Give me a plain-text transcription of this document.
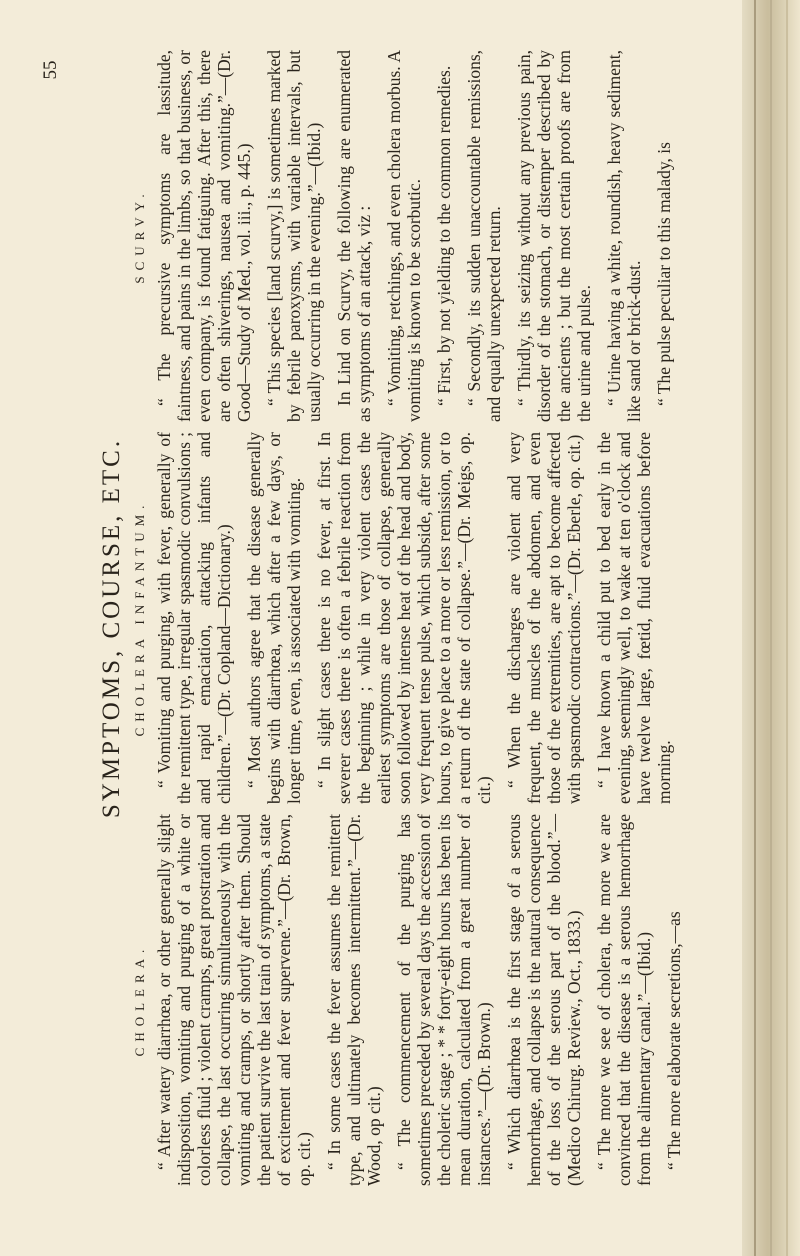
55
SYMPTOMS, COURSE, ETC.
CHOLERA. “ After watery diarrhœa, or other generally slight indisposition, vomiting and purging of a white or colorless fluid ; violent cramps, great prostration and collapse, the last occurring simultaneously with the vomiting and cramps, or shortly after them. Should the patient survive the last train of symptoms, a state of excitement and fever supervene.”—(Dr. Brown, op. cit.) “ In some cases the fever assumes the remittent type, and ultimately becomes intermittent.”—(Dr. Wood, op cit.) “ The commencement of the purging has sometimes preceded by several days the accession of the choleric stage ; * * forty-eight hours has been its mean duration, calculated from a great number of instances.”—(Dr. Brown.) “ Which diarrhœa is the first stage of a serous hemorrhage, and collapse is the natural consequence of the loss of the serous part of the blood.”—(Medico Chirurg. Review., Oct., 1833.) “ The more we see of cholera, the more we are convinced that the disease is a serous hemorrhage from the alimentary canal.”—(Ibid.) “ The more elaborate secretions,—as

CHOLERA INFANTUM. “ Vomiting and purging, with fever, generally of the remittent type, irregular spasmodic convulsions ; and rapid emaciation, attacking infants and children.”—(Dr. Copland—Dictionary.) “ Most authors agree that the disease generally begins with diarrhœa, which after a few days, or longer time, even, is associated with vomiting. “ In slight cases there is no fever, at first. In severer cases there is often a febrile reaction from the beginning ; while in very violent cases the earliest symptoms are those of collapse, generally soon followed by intense heat of the head and body, very frequent tense pulse, which subside, after some hours, to give place to a more or less remission, or to a return of the state of collapse.”—(Dr. Meigs, op. cit.)

“ When the discharges are violent and very frequent, the muscles of the abdomen, and even those of the extremities, are apt to become affected with spasmodic contractions.”—(Dr. Eberle, op. cit.) “ I have known a child put to bed early in the evening, seemingly well, to wake at ten o'clock and have twelve large, fœtid, fluid evacuations before morning.

SCURVY. “ The precursive symptoms are lassitude, faintness, and pains in the limbs, so that business, or even company, is found fatiguing. After this, there are often shiverings, nausea and vomiting.”—(Dr. Good—Study of Med., vol. iii., p. 445.) “ This species [land scurvy,] is sometimes marked by febrile paroxysms, with variable intervals, but usually occurring in the evening.”—(Ibid.) In Lind on Scurvy, the following are enumerated as symptoms of an attack, viz : “ Vomiting, retchings, and even cholera morbus. A vomiting is known to be scorbutic. “ First, by not yielding to the common remedies. “ Secondly, its sudden unaccountable remissions, and equally unexpected return. “ Thirdly, its seizing without any previous pain, disorder of the stomach, or distemper described by the ancients ; but the most certain proofs are from the urine and pulse. “ Urine having a white, roundish, heavy sediment, like sand or brick-dust. “ The pulse peculiar to this malady, is
